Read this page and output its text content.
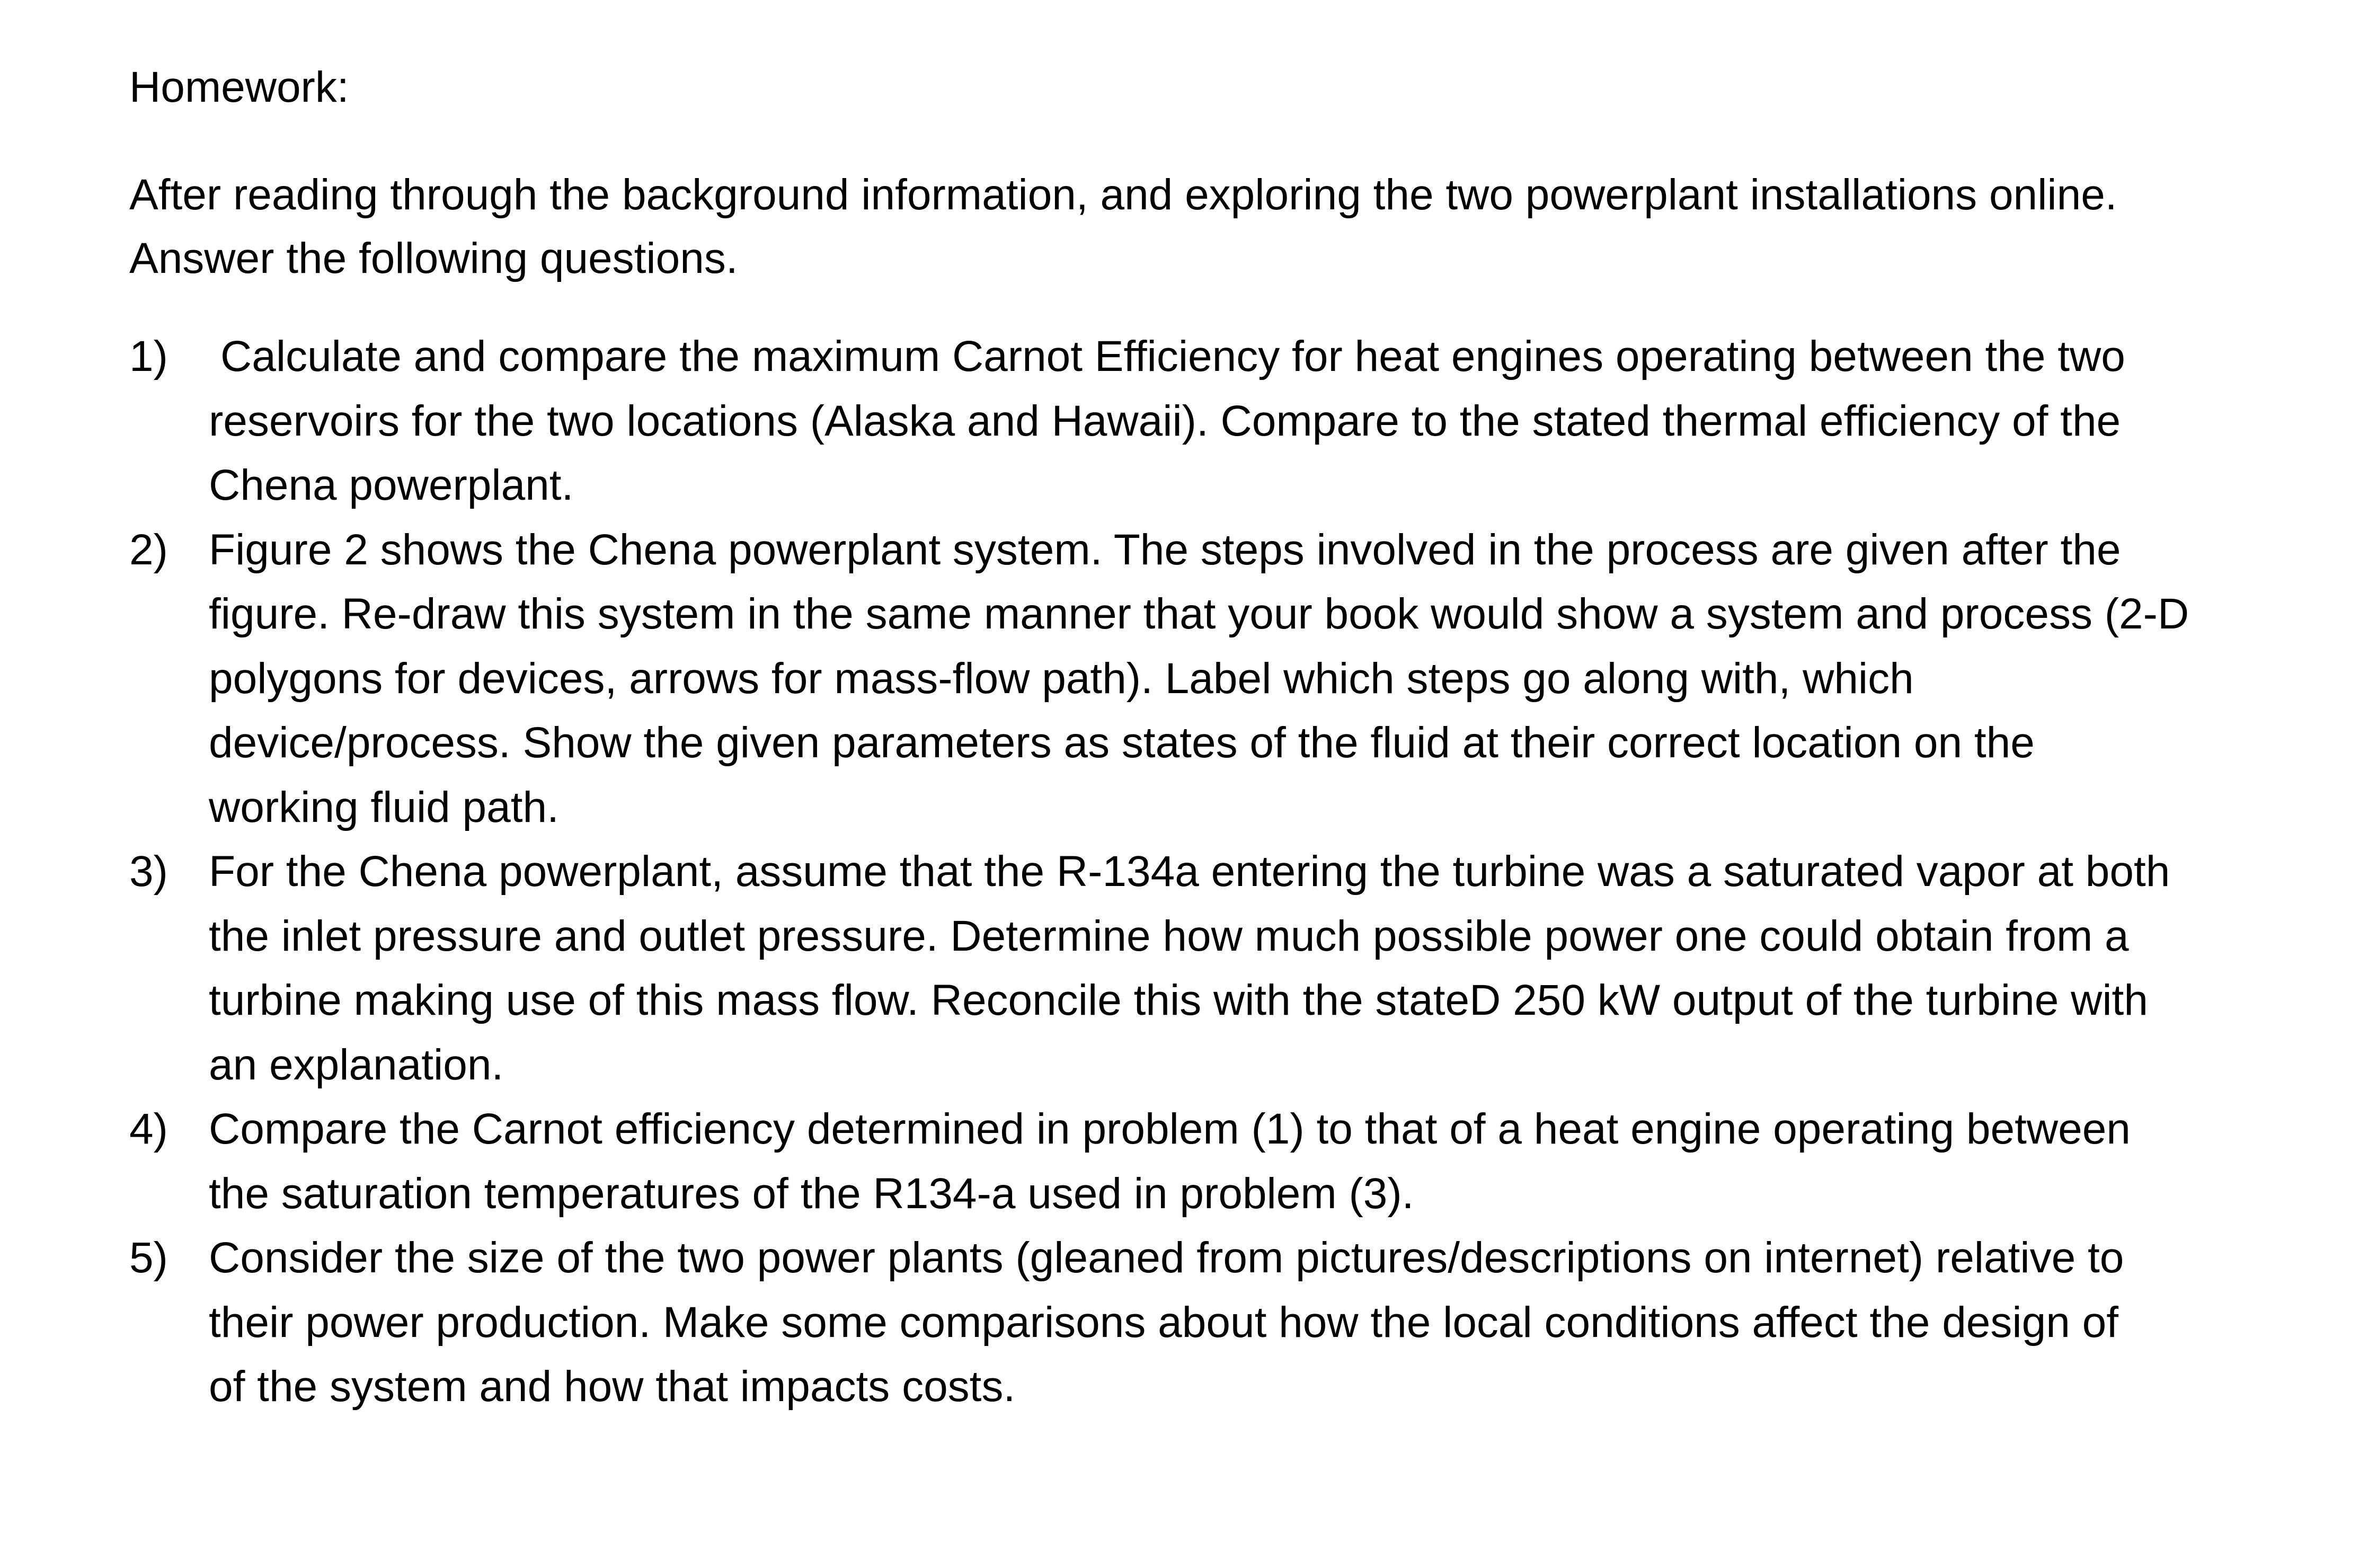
Homework:
After reading through the background information, and exploring the two powerplant installations online.
Answer the following questions.
1) Calculate and compare the maximum Carnot Efficiency for heat engines operating between the two
reservoirs for the two locations (Alaska and Hawaii). Compare to the stated thermal efficiency of the
Chena powerplant.
2) Figure 2 shows the Chena powerplant system. The steps involved in the process are given after the
figure. Re-draw this system in the same manner that your book would show a system and process (2-D
polygons for devices, arrows for mass-flow path). Label which steps go along with, which
device/process. Show the given parameters as states of the fluid at their correct location on the
working fluid path.
3) For the Chena powerplant, assume that the R-134a entering the turbine was a saturated vapor at both
the inlet pressure and outlet pressure. Determine how much possible power one could obtain from a
turbine making use of this mass flow. Reconcile this with the stateD 250 kW output of the turbine with
an explanation.
4) Compare the Carnot efficiency determined in problem (1) to that of a heat engine operating between
the saturation temperatures of the R134-a used in problem (3).
5) Consider the size of the two power plants (gleaned from pictures/descriptions on internet) relative to
their power production. Make some comparisons about how the local conditions affect the design of
of the system and how that impacts costs.
